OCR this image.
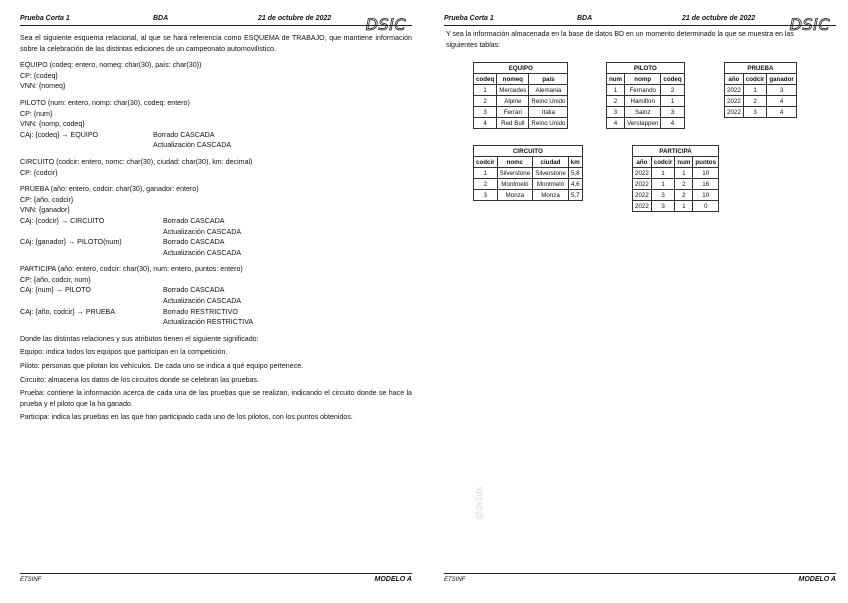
Prueba Corta 1	BDA	21 de octubre de 2022 DSIC

Sea el siguiente esquema relacional, al que se hará referencia como ESQUEMA de TRABAJO, que mantiene información sobre la celebración de las distintas ediciones de un campeonato automovilístico.

EQUIPO (codeq: entero, nomeq: char(30), país: char(30))

CP: {codeq}

VNN: {nomeq}

PILOTO (num: entero, nomp: char(30), codeq: entero)

CP: {num}

VNN: {nomp, codeq}

CAj: {codeq} → EQUIPO	Borrado CASCADA

Actualización CASCADA

CIRCUITO (codcir: entero, nomc: char(30), ciudad: char(30), km: decimal)

CP: {codcir}

PRUEBA (año: entero, codcir: char(30), ganador: entero)

CP: {año, codcir}

VNN: {ganador}

CAj: {codcir} → CIRCUITO	Borrado CASCADA

Actualización CASCADA

CAj: {ganador} → PILOTO(num)	Borrado CASCADA

Actualización CASCADA

PARTICIPA (año: entero, codcir: char(30), num: entero, puntos: entero)

CP: {año, codcir, num}

CAj: {num} → PILOTO	Borrado CASCADA

Actualización CASCADA

CAj: {año, codcir} → PRUEBA	Borrado RESTRICTIVO

Actualización RESTRICTIVA

Donde las distintas relaciones y sus atributos tienen el siguiente significado:

Equipo: indica todos los equipos que participan en la competición.

Piloto: personas que pilotan los vehículos. De cada uno se indica a qué equipo pertenece.

Circuito: almacena los datos de los circuitos donde se celebran las pruebas.

Prueba: contiene la información acerca de cada una de las pruebas que se realizan, indicando el circuito donde se hace la prueba y el piloto que la ha ganado.

Participa: indica las pruebas en las que han participado cada uno de los pilotos, con los puntos obtenidos.

ETSINF	MODELO A
Prueba Corta 1	BDA	21 de octubre de 2022 DSIC
ETSINF	MODELO A
Y sea la información almacenada en la base de datos BD en un momento determinado la que se muestra en las siguientes tablas:
@ds1ds
EQUIPO		
codeq	nomeq	país
1	Mercedes	Alemania
2	Alpine	Reino Unido
3	Ferrari	Italia
4	Red Bull	Reino Unido
PILOTO		
num	nomp	codeq
1	Fernando	2
2	Hamilton	1
3	Sainz	3
4	Verstappen	4
PRUEBA		
año	codcir	ganador
2022	1	3
2022	2	4
2022	3	4
CIRCUITO			
codcir	nomc	ciudad	km
1	Silverstone	Silverstone	5,8
2	Montmeló	Montmeló	4,6
3	Monza	Monza	5,7
PARTICIPA			
año	codcir	num	puntos
2022	1	1	10
2022	1	2	16
2022	3	2	10
2022	3	1	0
